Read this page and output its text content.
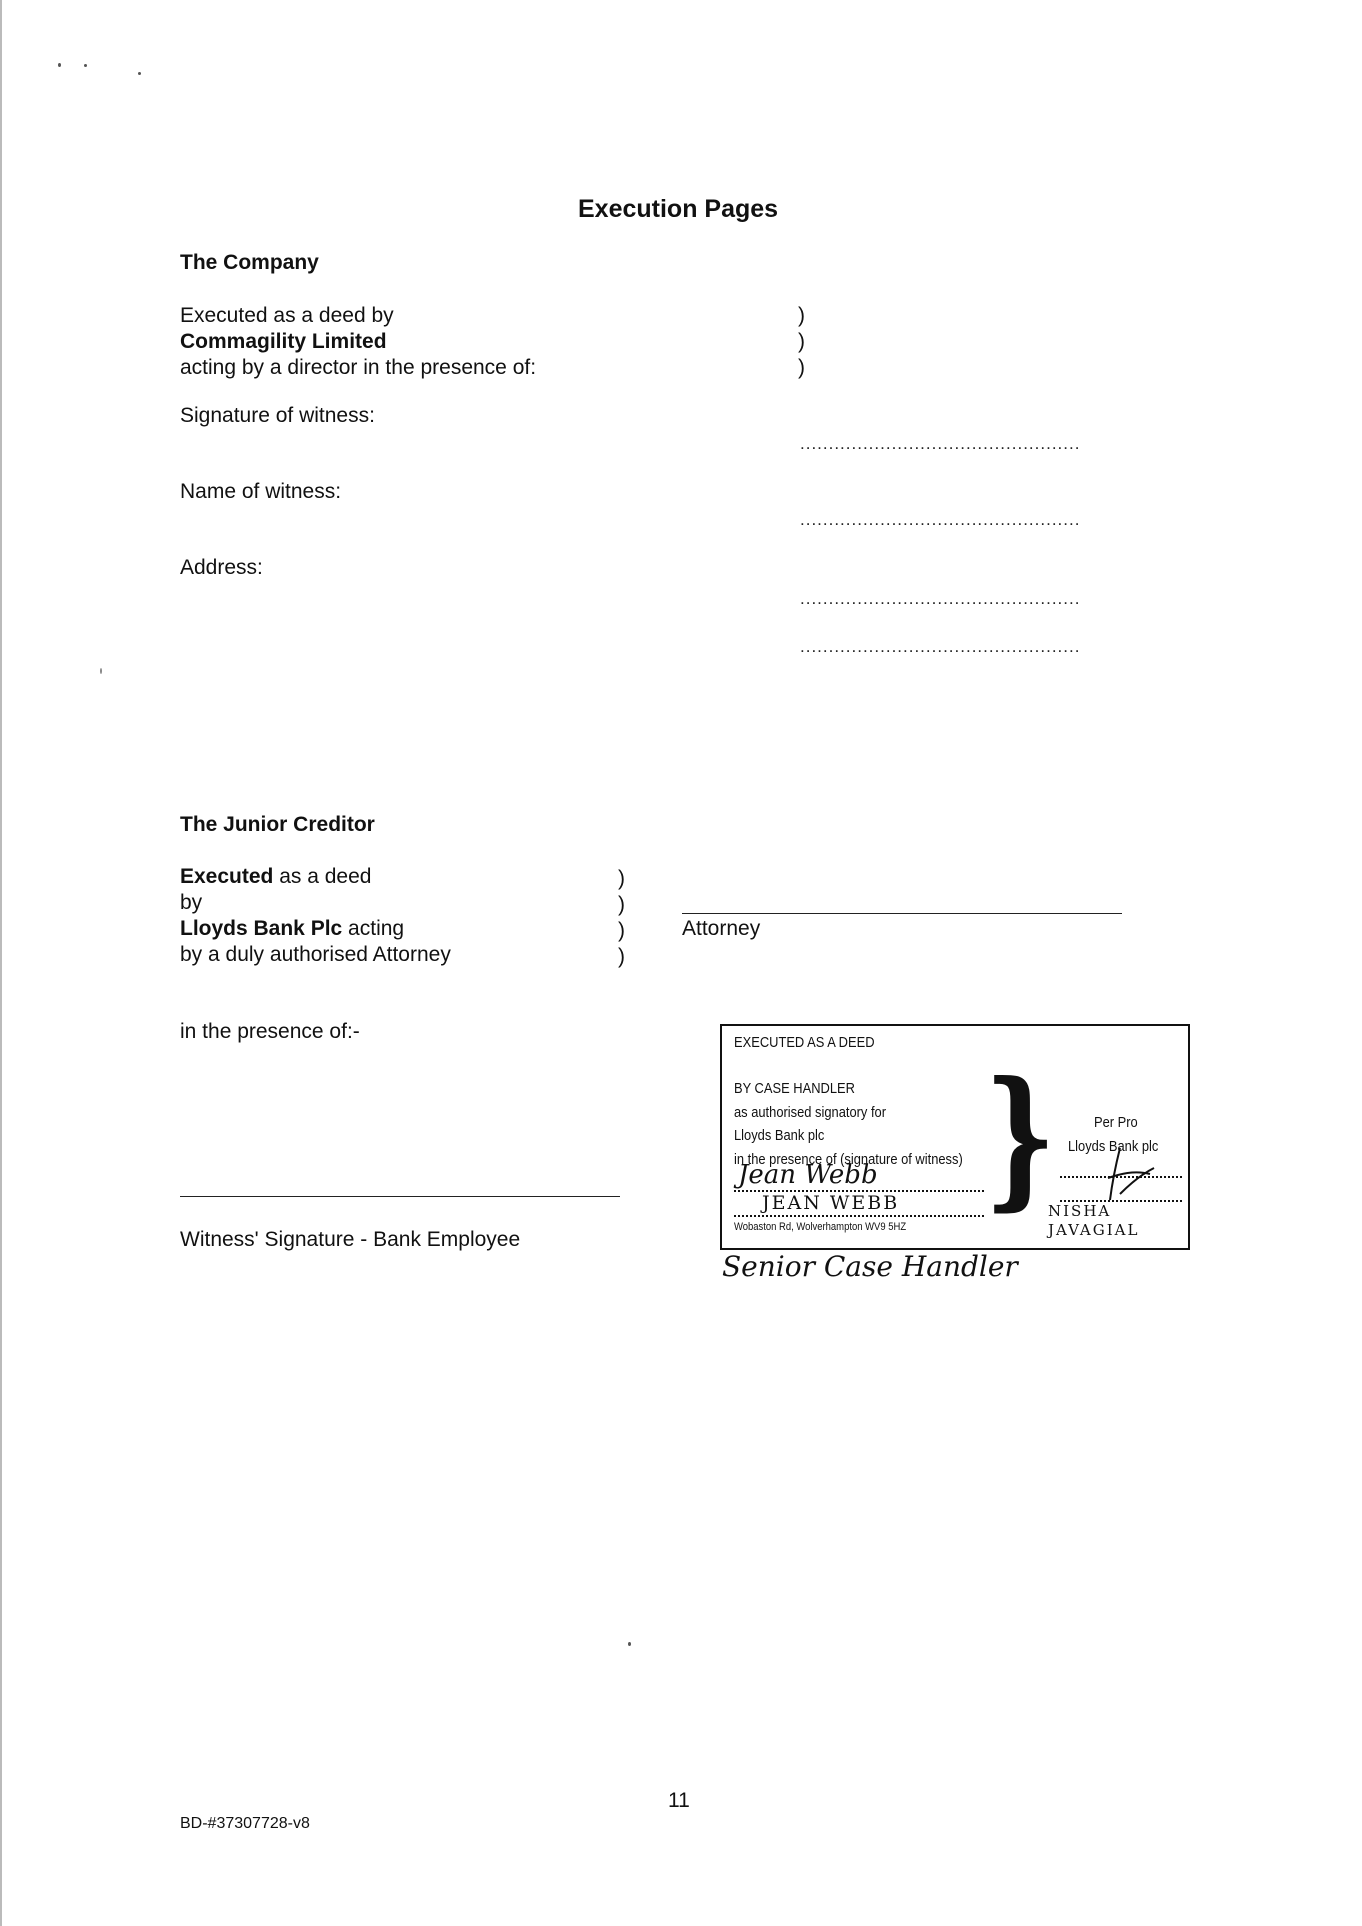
Execution Pages
The Company
Executed as a deed by
Commagility Limited
acting by a director in the presence of:
)
)
)
Signature of witness:
.................................................
Name of witness:
.................................................
Address:
.................................................
.................................................
The Junior Creditor
Executed as a deed
by
Lloyds Bank Plc acting
by a duly authorised Attorney
)
)
)
)
Attorney
in the presence of:-
Witness' Signature - Bank Employee
EXECUTED AS A DEED
BY CASE HANDLER
as authorised signatory for
Lloyds Bank plc
in the presence of (signature of witness)
Jean Webb
JEAN WEBB
Wobaston Rd, Wolverhampton WV9 5HZ
}	Per Pro
Lloyds Bank plc
NISHA
JAVAGIAL
Senior Case Handler
11
BD-#37307728-v8
